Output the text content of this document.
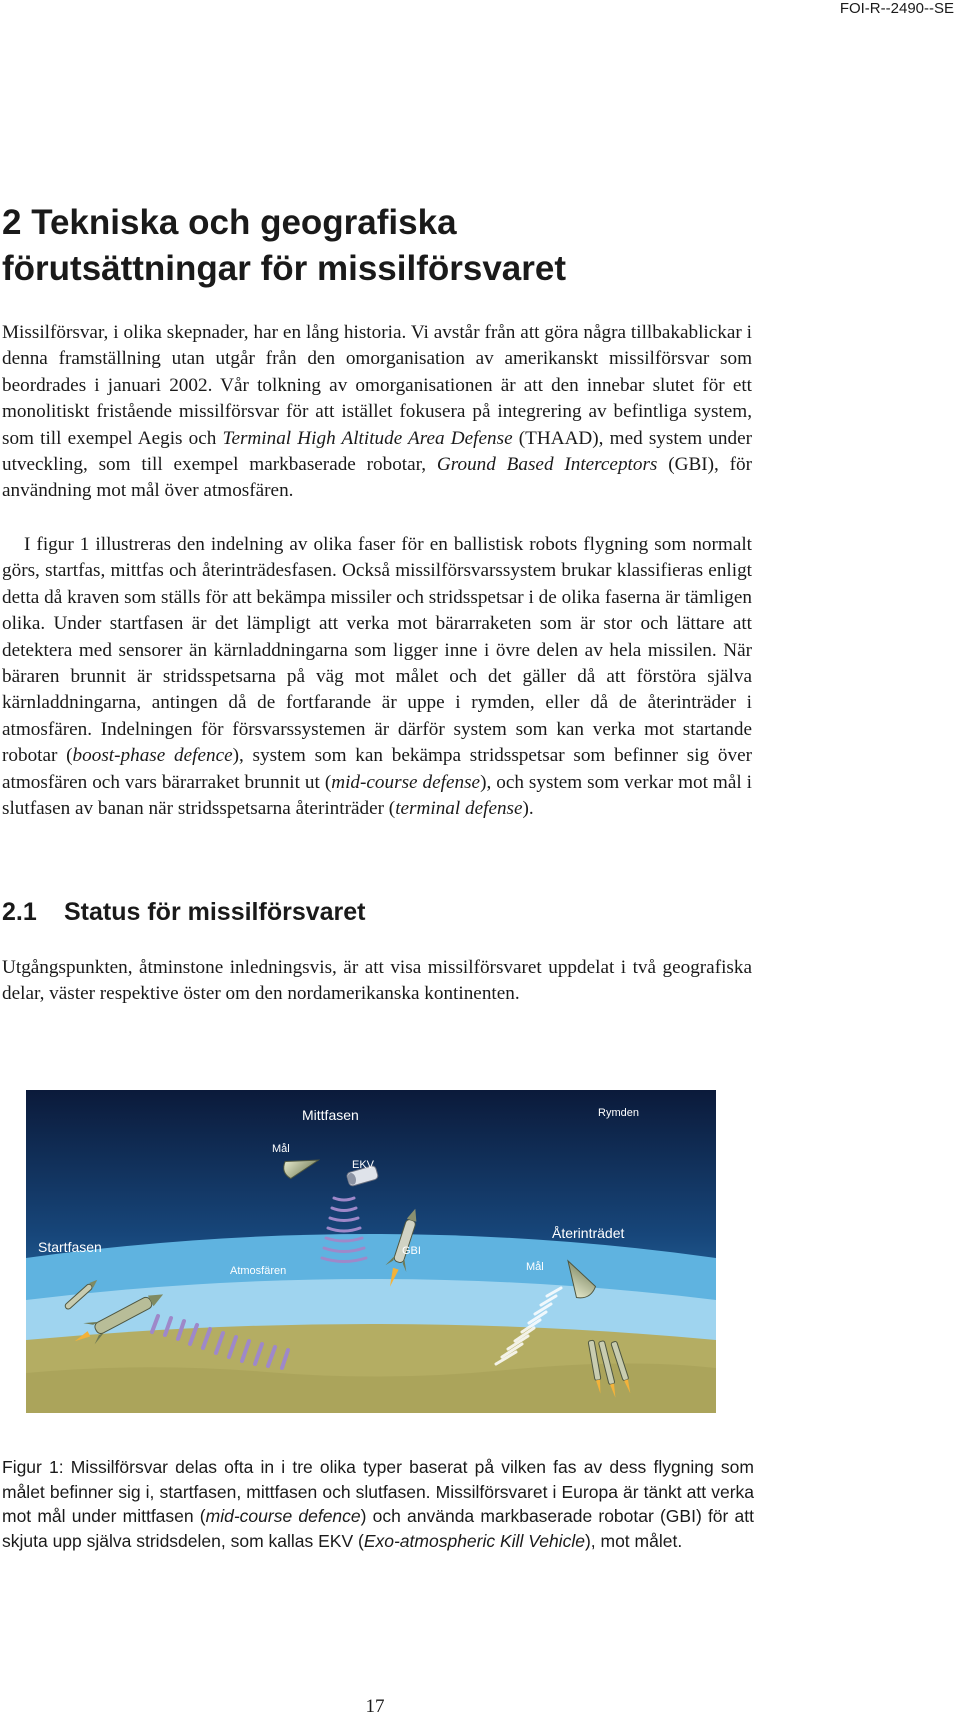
FOI-R--2490--SE
2 Tekniska och geografiska
förutsättningar för missilförsvaret

Missilförsvar, i olika skepnader, har en lång historia. Vi avstår från att göra några tillbakablickar i denna framställning utan utgår från den omorganisation av amerikanskt missilförsvar som beordrades i januari 2002. Vår tolkning av omorganisationen är att den innebar slutet för ett monolitiskt fristående missilförsvar för att istället fokusera på integrering av befintliga system, som till exempel Aegis och Terminal High Altitude Area Defense (THAAD), med system under utveckling, som till exempel markbaserade robotar, Ground Based Interceptors (GBI), för användning mot mål över atmosfären.

I figur 1 illustreras den indelning av olika faser för en ballistisk robots flygning som normalt görs, startfas, mittfas och återinträdesfasen. Också missilförsvarssystem brukar klassifieras enligt detta då kraven som ställs för att bekämpa missiler och stridsspetsar i de olika faserna är tämligen olika. Under startfasen är det lämpligt att verka mot bärarraketen som är stor och lättare att detektera med sensorer än kärnladdningarna som ligger inne i övre delen av hela missilen. När bäraren brunnit är stridsspetsarna på väg mot målet och det gäller då att förstöra själva kärnladdningarna, antingen då de fortfarande är uppe i rymden, eller då de återinträder i atmosfären. Indelningen för försvarssystemen är därför system som kan verka mot startande robotar (boost-phase defence), system som kan bekämpa stridsspetsar som befinner sig över atmosfären och vars bärarraket brunnit ut (mid-course defense), och system som verkar mot mål i slutfasen av banan när stridsspetsarna återinträder (terminal defense).

2.1 Status för missilförsvaret

Utgångspunkten, åtminstone inledningsvis, är att visa missilförsvaret uppdelat i två geografiska delar, väster respektive öster om den nordamerikanska kontinenten.

Mittfasen	Rymden
Mål
EKV
Startfasen	GBI
Återinträdet
Atmosfären	Mål

Figur 1: Missilförsvar delas ofta in i tre olika typer baserat på vilken fas av dess flygning som målet befinner sig i, startfasen, mittfasen och slutfasen. Missilförsvaret i Europa är tänkt att verka mot mål under mittfasen (mid-course defence) och använda markbaserade robotar (GBI) för att skjuta upp själva stridsdelen, som kallas EKV (Exo-atmospheric Kill Vehicle), mot målet.

17
